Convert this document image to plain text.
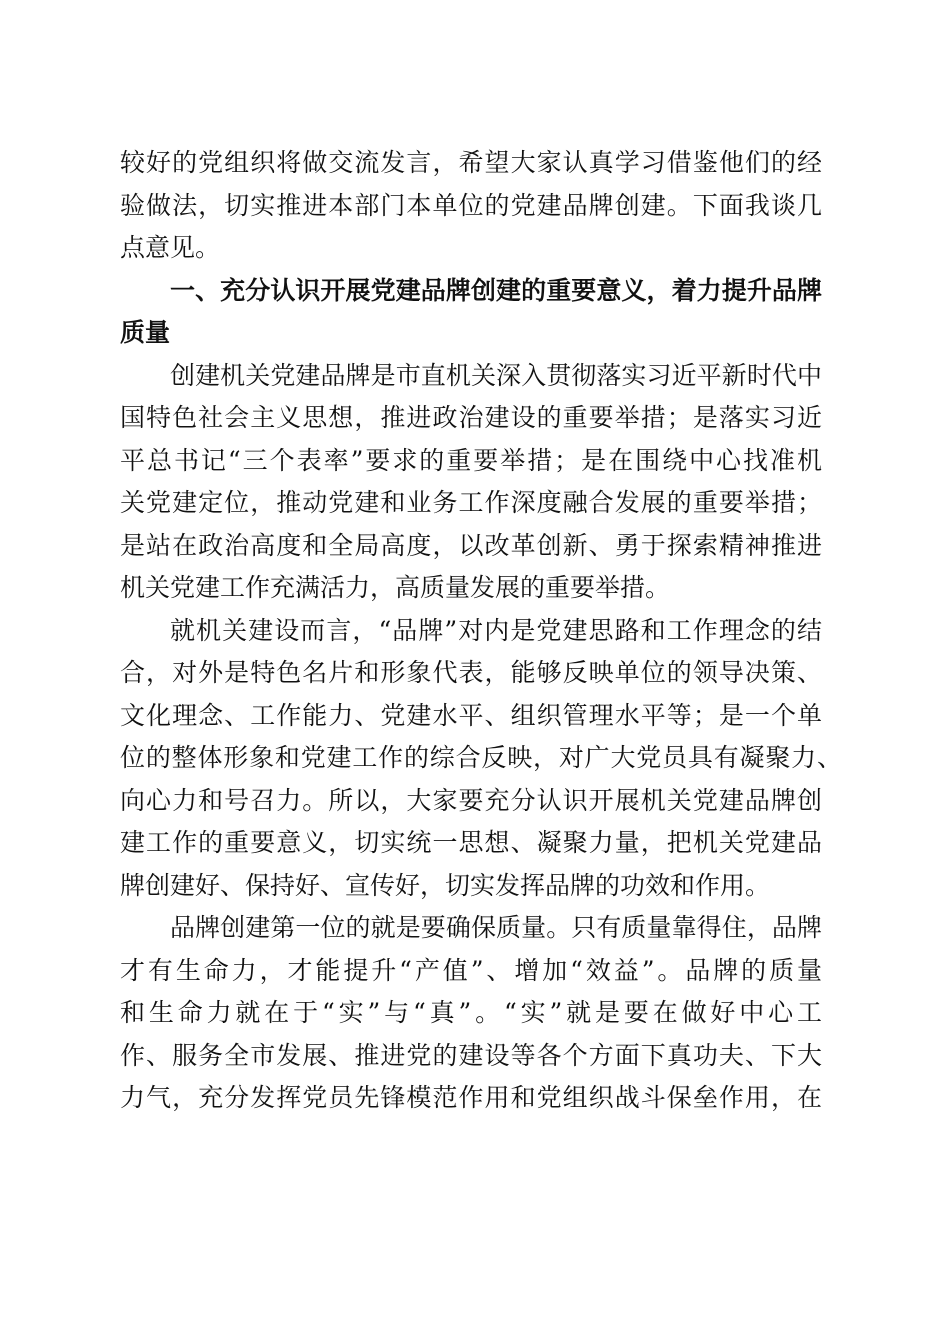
较好的党组织将做交流发言，希望大家认真学习借鉴他们的经
验做法，切实推进本部门本单位的党建品牌创建。下面我谈几
点意见。
一、充分认识开展党建品牌创建的重要意义，着力提升品牌
质量
创建机关党建品牌是市直机关深入贯彻落实习近平新时代中
国特色社会主义思想，推进政治建设的重要举措；是落实习近
平总书记“三个表率”要求的重要举措；是在围绕中心找准机
关党建定位，推动党建和业务工作深度融合发展的重要举措；
是站在政治高度和全局高度，以改革创新、勇于探索精神推进
机关党建工作充满活力，高质量发展的重要举措。
就机关建设而言，“品牌”对内是党建思路和工作理念的结
合，对外是特色名片和形象代表，能够反映单位的领导决策、
文化理念、工作能力、党建水平、组织管理水平等；是一个单
位的整体形象和党建工作的综合反映，对广大党员具有凝聚力、
向心力和号召力。所以，大家要充分认识开展机关党建品牌创
建工作的重要意义，切实统一思想、凝聚力量，把机关党建品
牌创建好、保持好、宣传好，切实发挥品牌的功效和作用。
品牌创建第一位的就是要确保质量。只有质量靠得住，品牌
才有生命力，才能提升“产值”、增加“效益”。品牌的质量
和生命力就在于“实”与“真”。“实”就是要在做好中心工
作、服务全市发展、推进党的建设等各个方面下真功夫、下大
力气，充分发挥党员先锋模范作用和党组织战斗保垒作用，在
